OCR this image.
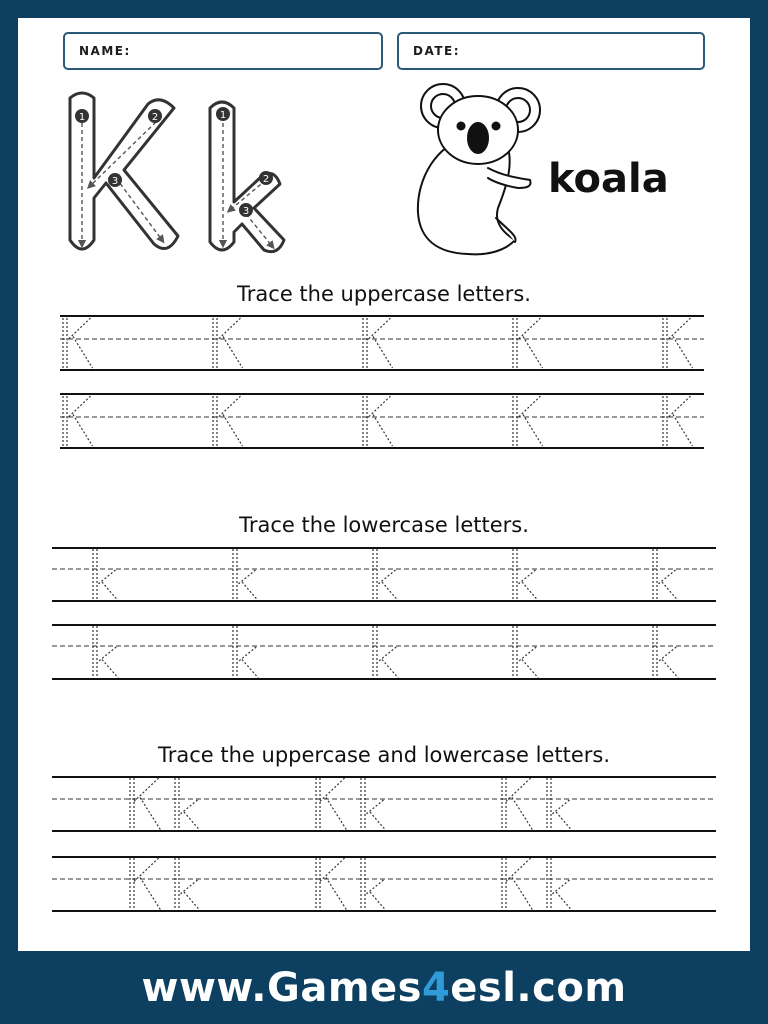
NAME:	DATE:
1	2
3
1
2
3
koala
Trace the uppercase letters.
Trace the lowercase letters.
Trace the uppercase and lowercase letters.
www.Games4esl.com
